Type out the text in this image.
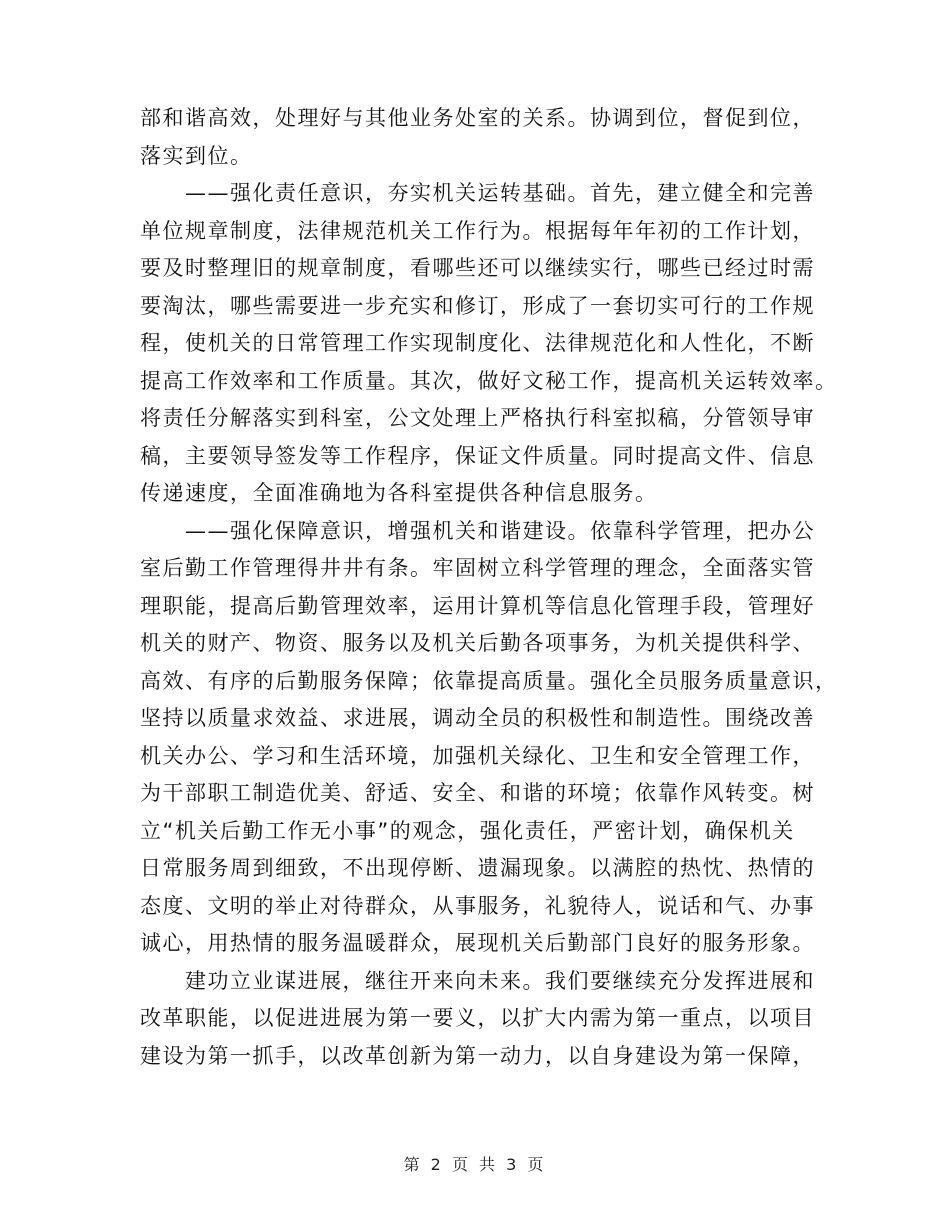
部和谐高效，处理好与其他业务处室的关系。协调到位，督促到位，
落实到位。
　　——强化责任意识，夯实机关运转基础。首先，建立健全和完善
单位规章制度，法律规范机关工作行为。根据每年年初的工作计划，
要及时整理旧的规章制度，看哪些还可以继续实行，哪些已经过时需
要淘汰，哪些需要进一步充实和修订，形成了一套切实可行的工作规
程，使机关的日常管理工作实现制度化、法律规范化和人性化，不断
提高工作效率和工作质量。其次，做好文秘工作，提高机关运转效率。
将责任分解落实到科室，公文处理上严格执行科室拟稿，分管领导审
稿，主要领导签发等工作程序，保证文件质量。同时提高文件、信息
传递速度，全面准确地为各科室提供各种信息服务。
　　——强化保障意识，增强机关和谐建设。依靠科学管理，把办公
室后勤工作管理得井井有条。牢固树立科学管理的理念，全面落实管
理职能，提高后勤管理效率，运用计算机等信息化管理手段，管理好
机关的财产、物资、服务以及机关后勤各项事务，为机关提供科学、
高效、有序的后勤服务保障；依靠提高质量。强化全员服务质量意识，
坚持以质量求效益、求进展，调动全员的积极性和制造性。围绕改善
机关办公、学习和生活环境，加强机关绿化、卫生和安全管理工作，
为干部职工制造优美、舒适、安全、和谐的环境；依靠作风转变。树
立“机关后勤工作无小事”的观念，强化责任，严密计划，确保机关
日常服务周到细致，不出现停断、遗漏现象。以满腔的热忱、热情的
态度、文明的举止对待群众，从事服务，礼貌待人，说话和气、办事
诚心，用热情的服务温暖群众，展现机关后勤部门良好的服务形象。
　　建功立业谋进展，继往开来向未来。我们要继续充分发挥进展和
改革职能，以促进进展为第一要义，以扩大内需为第一重点，以项目
建设为第一抓手，以改革创新为第一动力，以自身建设为第一保障，
第 2 页 共 3 页
